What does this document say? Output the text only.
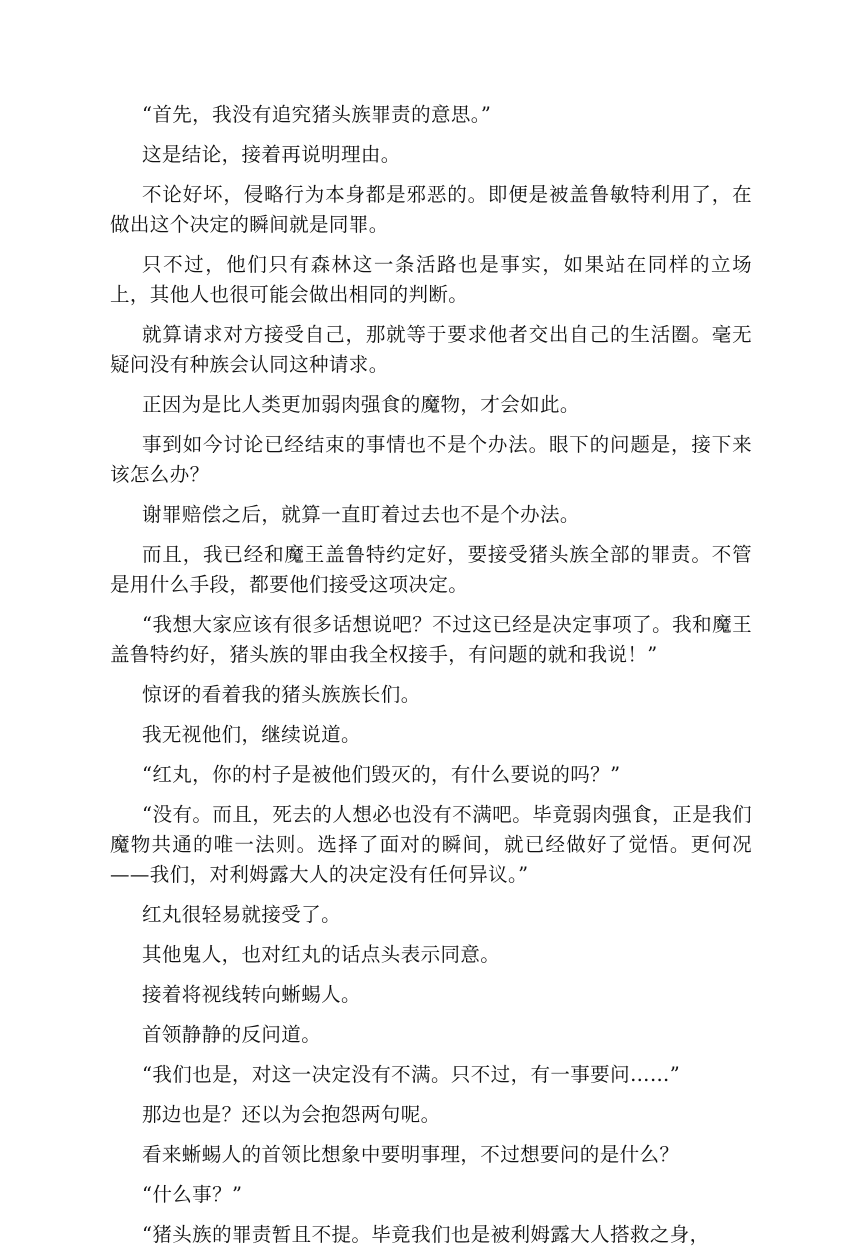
“首先，我没有追究猪头族罪责的意思。”

这是结论，接着再说明理由。

不论好坏，侵略行为本身都是邪恶的。即便是被盖鲁敏特利用了，在做出这个决定的瞬间就是同罪。

只不过，他们只有森林这一条活路也是事实，如果站在同样的立场上，其他人也很可能会做出相同的判断。

就算请求对方接受自己，那就等于要求他者交出自己的生活圈。毫无疑问没有种族会认同这种请求。

正因为是比人类更加弱肉强食的魔物，才会如此。

事到如今讨论已经结束的事情也不是个办法。眼下的问题是，接下来该怎么办？

谢罪赔偿之后，就算一直盯着过去也不是个办法。

而且，我已经和魔王盖鲁特约定好，要接受猪头族全部的罪责。不管是用什么手段，都要他们接受这项决定。

“我想大家应该有很多话想说吧？不过这已经是决定事项了。我和魔王盖鲁特约好，猪头族的罪由我全权接手，有问题的就和我说！”

惊讶的看着我的猪头族族长们。

我无视他们，继续说道。

“红丸，你的村子是被他们毁灭的，有什么要说的吗？”

“没有。而且，死去的人想必也没有不满吧。毕竟弱肉强食，正是我们魔物共通的唯一法则。选择了面对的瞬间，就已经做好了觉悟。更何况——我们，对利姆露大人的决定没有任何异议。”

红丸很轻易就接受了。

其他鬼人，也对红丸的话点头表示同意。

接着将视线转向蜥蜴人。

首领静静的反问道。

“我们也是，对这一决定没有不满。只不过，有一事要问……”

那边也是？还以为会抱怨两句呢。

看来蜥蜴人的首领比想象中要明事理，不过想要问的是什么？

“什么事？”

“猪头族的罪责暂且不提。毕竟我们也是被利姆露大人搭救之身，
